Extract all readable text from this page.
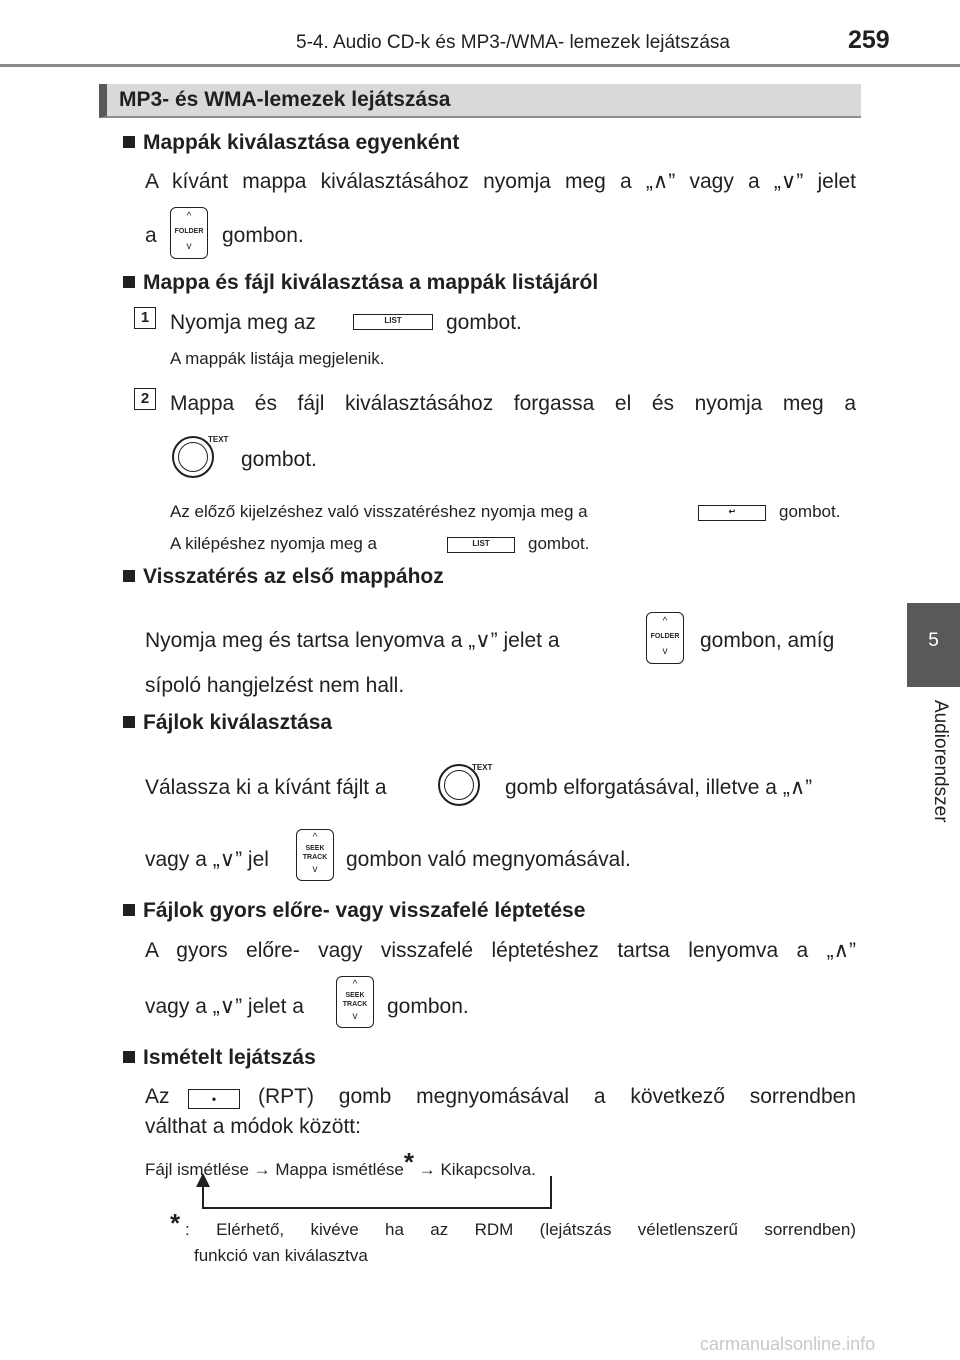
5-4. Audio CD-k és MP3-/WMA- lemezek lejátszása	259
5
Audiorendszer
MP3- és WMA-lemezek lejátszása
Mappák kiválasztása egyenként
A kívánt mappa kiválasztásához nyomja meg a „∧” vagy a „∨” jelet
a
^
FOLDER
v	gombon.
Mappa és fájl kiválasztása a mappák listájáról
1 Nyomja meg az	LIST	gombot.
A mappák listája megjelenik.
2 Mappa és fájl kiválasztásához forgassa el és nyomja meg a
TEXT
gombot.
Az előző kijelzéshez való visszatéréshez nyomja meg a	↩	gombot.
A kilépéshez nyomja meg a	LIST	gombot.
Visszatérés az első mappához
Nyomja meg és tartsa lenyomva a „∨” jelet a
^
FOLDER
v	gombon, amíg
sípoló hangjelzést nem hall.
Fájlok kiválasztása
Válassza ki a kívánt fájlt a
TEXT
gomb elforgatásával, illetve a „∧”
vagy a „∨” jel
^
SEEK
TRACK
v	gombon való megnyomásával.
Fájlok gyors előre- vagy visszafelé léptetése
A gyors előre- vagy visszafelé léptetéshez tartsa lenyomva a „∧”
vagy a „∨” jelet a
^
SEEK
TRACK
v	gombon.
Ismételt lejátszás
Az	•	(RPT) gomb megnyomásával a következő sorrendben
válthat a módok között:
Fájl ismétlése → Mappa ismétlése* → Kikapcsolva.
* : Elérhető, kivéve ha az RDM (lejátszás véletlenszerű sorrendben)
funkció van kiválasztva
carmanualsonline.info
